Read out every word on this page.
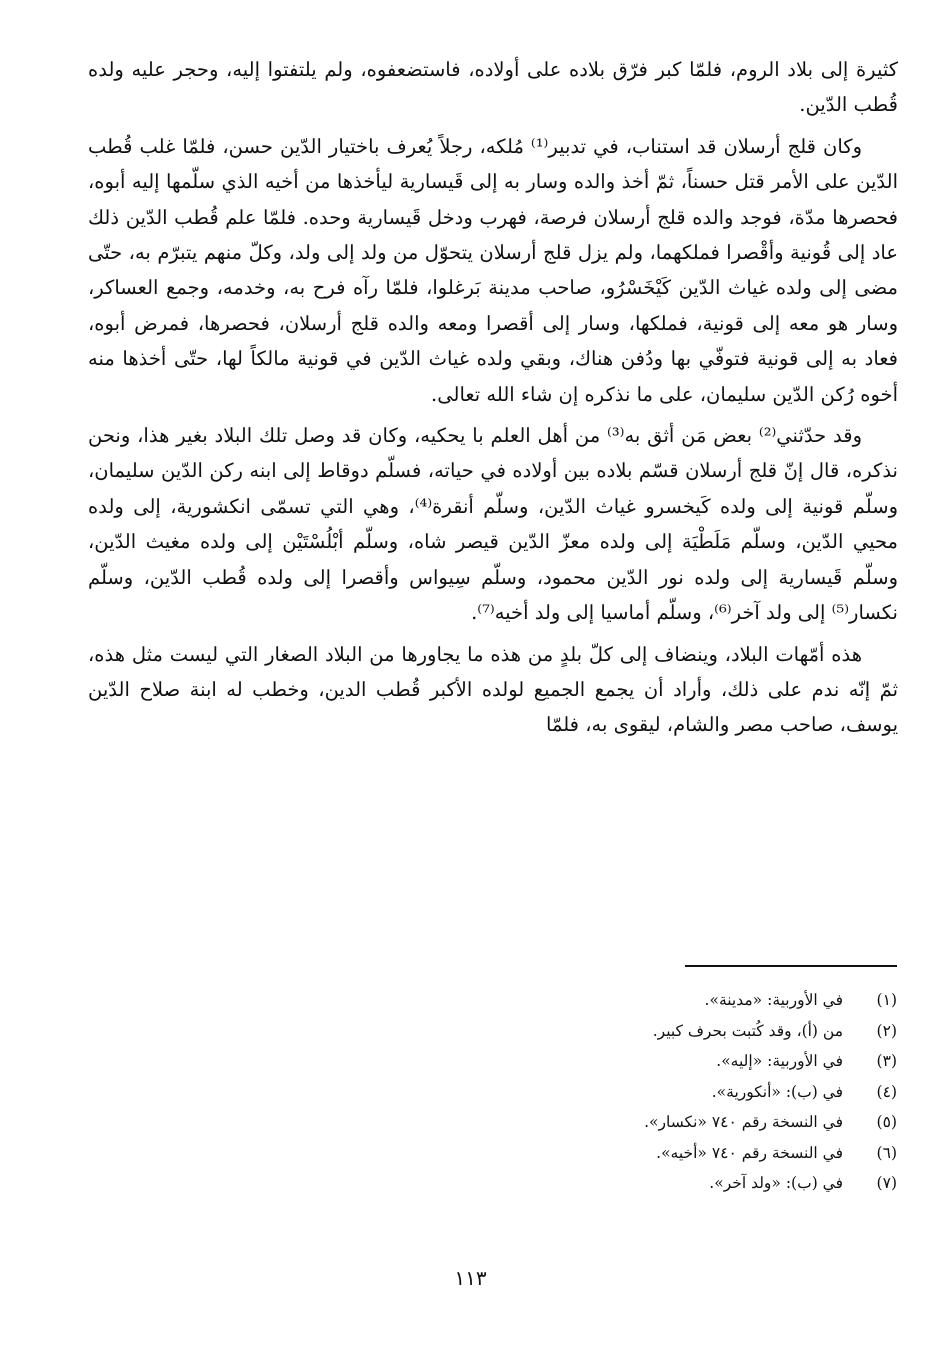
كثيرة إلى بلاد الروم، فلمّا كبر فرّق بلاده على أولاده، فاستضعفوه، ولم يلتفتوا إليه، وحجر عليه ولده قُطب الدّين.

وكان قلج أرسلان قد استناب، في تدبير⁽¹⁾ مُلكه، رجلاً يُعرف باختيار الدّين حسن، فلمّا غلب قُطب الدّين على الأمر قتل حسناً، ثمّ أخذ والده وسار به إلى قَيسارية ليأخذها من أخيه الذي سلّمها إليه أبوه، فحصرها مدّة، فوجد والده قلج أرسلان فرصة، فهرب ودخل قَيسارية وحده. فلمّا علم قُطب الدّين ذلك عاد إلى قُونية وأقْصرا فملكهما، ولم يزل قلج أرسلان يتحوّل من ولد إلى ولد، وكلّ منهم يتبرّم به، حتّى مضى إلى ولده غياث الدّين كَيْخَسْرُو، صاحب مدينة بَرغلوا، فلمّا رآه فرح به، وخدمه، وجمع العساكر، وسار هو معه إلى قونية، فملكها، وسار إلى أقصرا ومعه والده قلج أرسلان، فحصرها، فمرض أبوه، فعاد به إلى قونية فتوفّي بها ودُفن هناك، وبقي ولده غياث الدّين في قونية مالكاً لها، حتّى أخذها منه أخوه رُكن الدّين سليمان، على ما نذكره إن شاء الله تعالى.

وقد حدّثني⁽²⁾ بعض مَن أثق به⁽³⁾ من أهل العلم با يحكيه، وكان قد وصل تلك البلاد بغير هذا، ونحن نذكره، قال إنّ قلج أرسلان قسّم بلاده بين أولاده في حياته، فسلّم دوقاط إلى ابنه ركن الدّين سليمان، وسلّم قونية إلى ولده كَيخسرو غياث الدّين، وسلّم أنقرة⁽⁴⁾، وهي التي تسمّى انكشورية، إلى ولده محيي الدّين، وسلّم مَلَطْيَة إلى ولده معزّ الدّين قيصر شاه، وسلّم أبْلُسْتَيْن إلى ولده مغيث الدّين، وسلّم قَيسارية إلى ولده نور الدّين محمود، وسلّم سِيواس وأقصرا إلى ولده قُطب الدّين، وسلّم نكسار⁽⁵⁾ إلى ولد آخر⁽⁶⁾، وسلّم أماسيا إلى ولد أخيه⁽⁷⁾.

هذه أمّهات البلاد، وينضاف إلى كلّ بلدٍ من هذه ما يجاورها من البلاد الصغار التي ليست مثل هذه، ثمّ إنّه ندم على ذلك، وأراد أن يجمع الجميع لولده الأكبر قُطب الدين، وخطب له ابنة صلاح الدّين يوسف، صاحب مصر والشام، ليقوى به، فلمّا

(١)
في الأوربية: «مدينة».
(٢)
من (أ)، وقد كُتبت بحرف كبير.
(٣)
في الأوربية: «إليه».
(٤)
في (ب): «أنكورية».
(٥)
في النسخة رقم ٧٤٠ «نكسار».
(٦)
في النسخة رقم ٧٤٠ «أخيه».
(٧)
في (ب): «ولد آخر».
١١٣
